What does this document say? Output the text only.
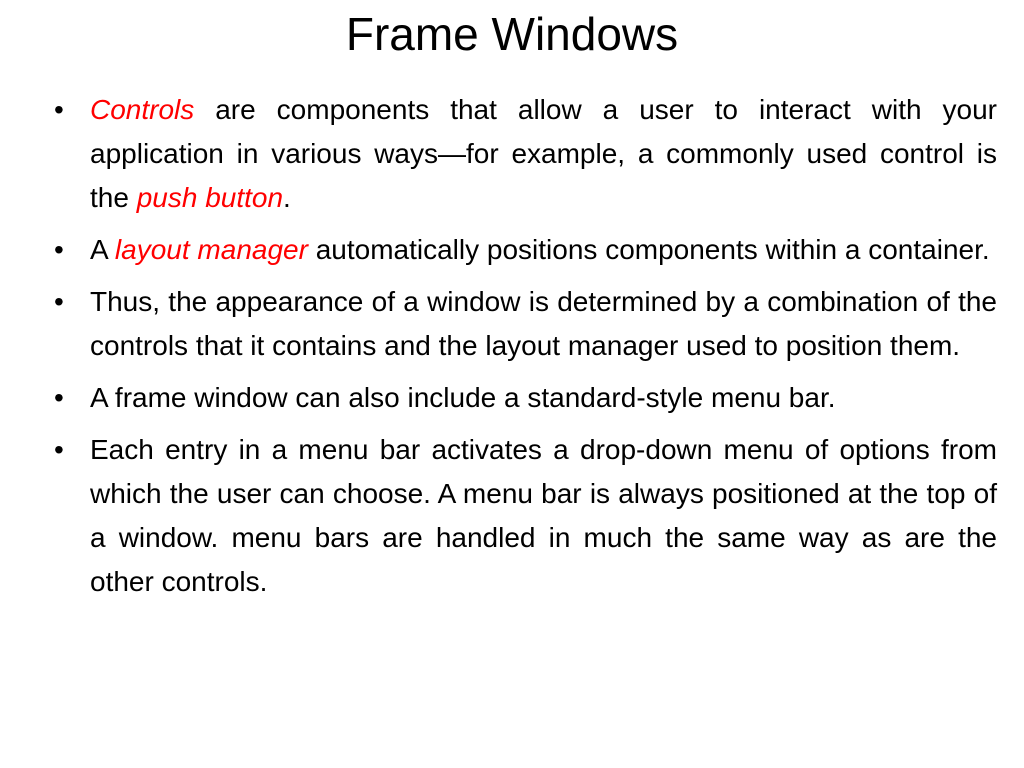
Frame Windows
• Controls are components that allow a user to interact with your application in various ways—for example, a commonly used control is the push button.
• A layout manager automatically positions components within a container.
• Thus, the appearance of a window is determined by a combination of the controls that it contains and the layout manager used to position them.
• A frame window can also include a standard-style menu bar.
• Each entry in a menu bar activates a drop-down menu of options from which the user can choose. A menu bar is always positioned at the top of a window. menu bars are handled in much the same way as are the other controls.
